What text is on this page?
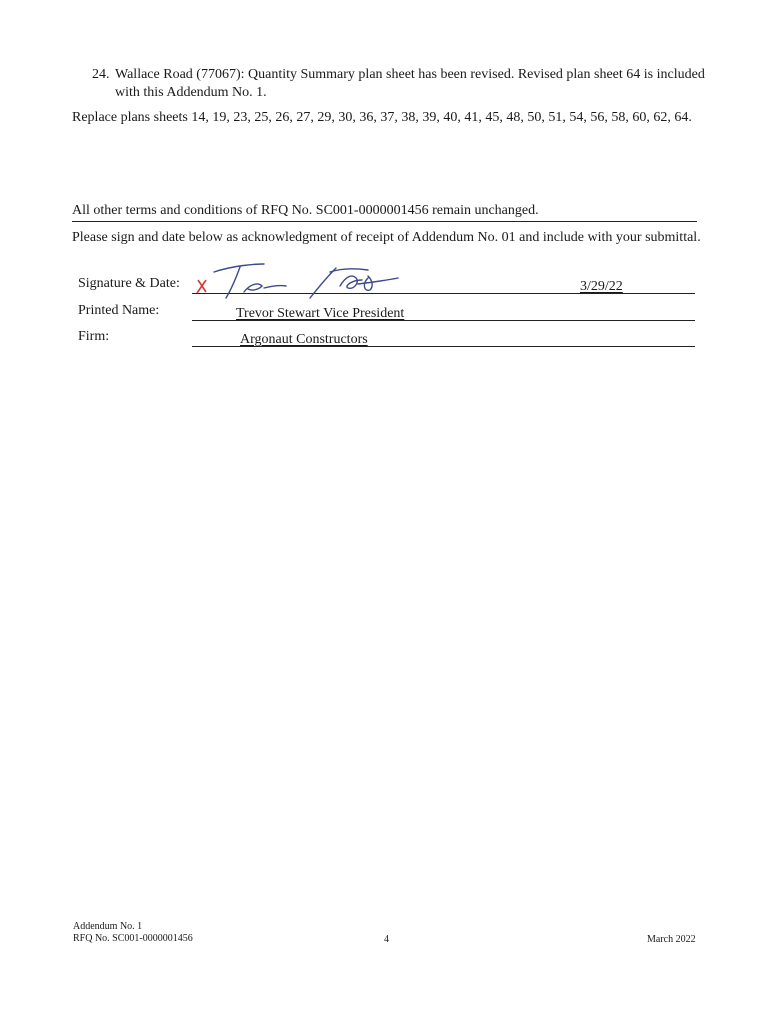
24. Wallace Road (77067): Quantity Summary plan sheet has been revised. Revised plan sheet 64 is included with this Addendum No. 1.
Replace plans sheets 14, 19, 23, 25, 26, 27, 29, 30, 36, 37, 38, 39, 40, 41, 45, 48, 50, 51, 54, 56, 58, 60, 62, 64.
All other terms and conditions of RFQ No. SC001-0000001456 remain unchanged.
Please sign and date below as acknowledgment of receipt of Addendum No. 01 and include with your submittal.
Signature & Date:	3/29/22
Printed Name:	Trevor Stewart Vice President
Firm:	Argonaut Constructors
Addendum No. 1
RFQ No. SC001-0000001456	4	March 2022
